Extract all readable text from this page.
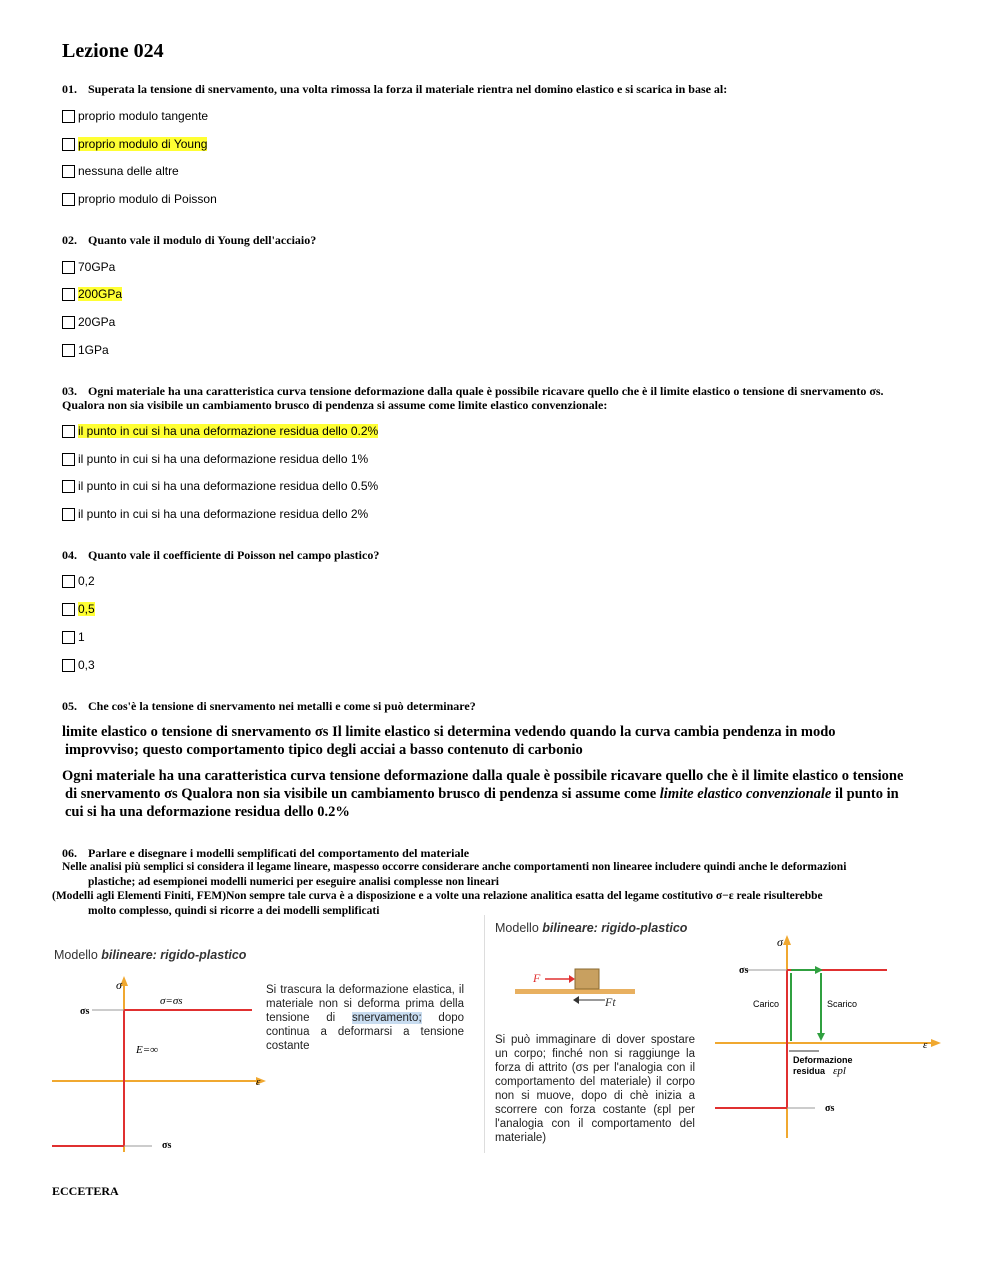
Lezione 024
01. Superata la tensione di snervamento, una volta rimossa la forza il materiale rientra nel domino elastico e si scarica in base al:
proprio modulo tangente
proprio modulo di Young
nessuna delle altre
proprio modulo di Poisson
02. Quanto vale il modulo di Young dell'acciaio?
70GPa
200GPa
20GPa
1GPa
03. Ogni materiale ha una caratteristica curva tensione deformazione dalla quale è possibile ricavare quello che è il limite elastico o tensione di snervamento σs.
Qualora non sia visibile un cambiamento brusco di pendenza si assume come limite elastico convenzionale:
il punto in cui si ha una deformazione residua dello 0.2%
il punto in cui si ha una deformazione residua dello 1%
il punto in cui si ha una deformazione residua dello 0.5%
il punto in cui si ha una deformazione residua dello 2%
04. Quanto vale il coefficiente di Poisson nel campo plastico?
0,2
0,5
1
0,3
05. Che cos'è la tensione di snervamento nei metalli e come si può determinare?
limite elastico o tensione di snervamento σs Il limite elastico si determina vedendo quando la curva cambia pendenza in modo
improvviso; questo comportamento tipico degli acciai a basso contenuto di carbonio
Ogni materiale ha una caratteristica curva tensione deformazione dalla quale è possibile ricavare quello che è il limite elastico o tensione
di snervamento σs Qualora non sia visibile un cambiamento brusco di pendenza si assume come limite elastico convenzionale il punto in
cui si ha una deformazione residua dello 0.2%
06. Parlare e disegnare i modelli semplificati del comportamento del materiale
Nelle analisi più semplici si considera il legame lineare, maspesso occorre considerare anche comportamenti non linearee includere quindi anche le deformazioni
plastiche; ad esempionei modelli numerici per eseguire analisi complesse non lineari
(Modelli agli Elementi Finiti, FEM)Non sempre tale curva è a disposizione e a volte una relazione analitica esatta del legame costitutivo σ−ε reale risulterebbe
molto complesso, quindi si ricorre a dei modelli semplificati
Modello bilineare: rigido-plastico
σ
σs
σ=σs
E=∞
ε
σs
Si trascura la deformazione elastica, il materiale non si deforma prima della tensione di snervamento; dopo continua a deformarsi a tensione costante
Modello bilineare: rigido-plastico
F
Ft
Si può immaginare di dover spostare un corpo; finché non si raggiunge la forza di attrito (σs per l'analogia con il comportamento del materiale) il corpo non si muove, dopo di chè inizia a scorrere con forza costante (εpl per l'analogia con il comportamento del materiale)
σ
σs
Carico	Scarico
Deformazione
residua εpl
ε
σs
ECCETERA
